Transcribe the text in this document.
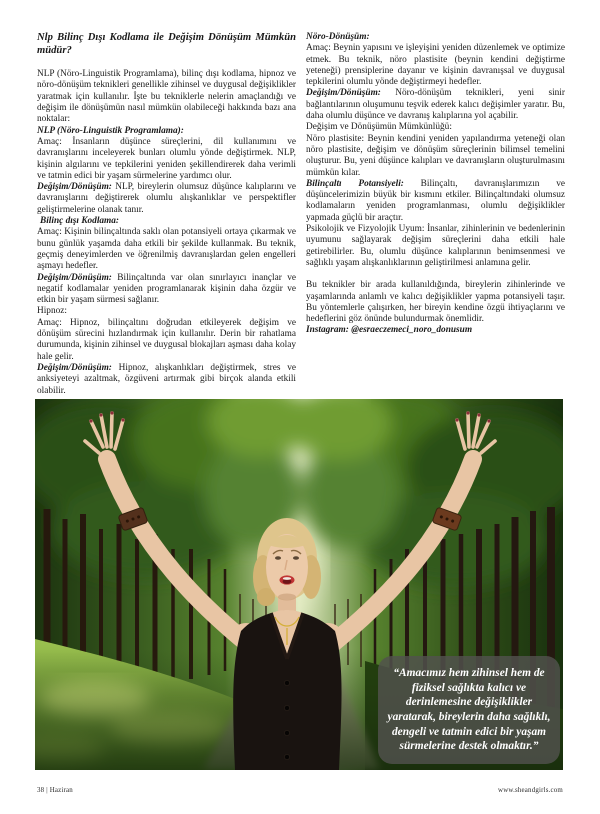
Nlp Bilinç Dışı Kodlama ile Değişim Dönüşüm Mümkün müdür?

NLP (Nöro-Linguistik Programlama), bilinç dışı kodlama, hipnoz ve nöro-dönüşüm teknikleri genellikle zihinsel ve duygusal değişiklikler yaratmak için kullanılır. İşte bu tekniklerle nelerin amaçlandığı ve değişim ile dönüşümün nasıl mümkün olabileceği hakkında bazı ana noktalar:

NLP (Nöro-Linguistik Programlama):

Amaç: İnsanların düşünce süreçlerini, dil kullanımını ve davranışlarını inceleyerek bunları olumlu yönde değiştirmek. NLP, kişinin algılarını ve tepkilerini yeniden şekillendirerek daha verimli ve tatmin edici bir yaşam sürmelerine yardımcı olur.

Değişim/Dönüşüm: NLP, bireylerin olumsuz düşünce kalıplarını ve davranışlarını değiştirerek olumlu alışkanlıklar ve perspektifler geliştirmelerine olanak tanır.

Bilinç dışı Kodlama:

Amaç: Kişinin bilinçaltında saklı olan potansiyeli ortaya çıkarmak ve bunu günlük yaşamda daha etkili bir şekilde kullanmak. Bu teknik, geçmiş deneyimlerden ve öğrenilmiş davranışlardan gelen engelleri aşmayı hedefler.

Değişim/Dönüşüm: Bilinçaltında var olan sınırlayıcı inançlar ve negatif kodlamalar yeniden programlanarak kişinin daha özgür ve etkin bir yaşam sürmesi sağlanır.

Hipnoz:

Amaç: Hipnoz, bilinçaltını doğrudan etkileyerek değişim ve dönüşüm sürecini hızlandırmak için kullanılır. Derin bir rahatlama durumunda, kişinin zihinsel ve duygusal blokajları aşması daha kolay hale gelir.

Değişim/Dönüşüm: Hipnoz, alışkanlıkları değiştirmek, stres ve anksiyeteyi azaltmak, özgüveni artırmak gibi birçok alanda etkili olabilir.

Nöro-Dönüşüm:

Amaç: Beynin yapısını ve işleyişini yeniden düzenlemek ve optimize etmek. Bu teknik, nöro plastisite (beynin kendini değiştirme yeteneği) prensiplerine dayanır ve kişinin davranışsal ve duygusal tepkilerini olumlu yönde değiştirmeyi hedefler.

Değişim/Dönüşüm: Nöro-dönüşüm teknikleri, yeni sinir bağlantılarının oluşumunu teşvik ederek kalıcı değişimler yaratır. Bu, daha olumlu düşünce ve davranış kalıplarına yol açabilir.

Değişim ve Dönüşümün Mümkünlüğü:

Nöro plastisite: Beynin kendini yeniden yapılandırma yeteneği olan nöro plastisite, değişim ve dönüşüm süreçlerinin bilimsel temelini oluşturur. Bu, yeni düşünce kalıpları ve davranışların oluşturulmasını mümkün kılar.

Bilinçaltı Potansiyeli: Bilinçaltı, davranışlarımızın ve düşüncelerimizin büyük bir kısmını etkiler. Bilinçaltındaki olumsuz kodlamaların yeniden programlanması, olumlu değişiklikler yapmada güçlü bir araçtır.

Psikolojik ve Fizyolojik Uyum: İnsanlar, zihinlerinin ve bedenlerinin uyumunu sağlayarak değişim süreçlerini daha etkili hale getirebilirler. Bu, olumlu düşünce kalıplarının benimsenmesi ve sağlıklı yaşam alışkanlıklarının geliştirilmesi anlamına gelir.

Bu teknikler bir arada kullanıldığında, bireylerin zihinlerinde ve yaşamlarında anlamlı ve kalıcı değişiklikler yapma potansiyeli taşır. Bu yöntemlerle çalışırken, her bireyin kendine özgü ihtiyaçlarını ve hedeflerini göz önünde bulundurmak önemlidir.

Instagram: @esraeczemeci_noro_donusum

“Amacımız hem zihinsel hem de fiziksel sağlıkta kalıcı ve derinlemesine değişiklikler yaratarak, bireylerin daha sağlıklı, dengeli ve tatmin edici bir yaşam sürmelerine destek olmaktır.”
38 | Haziran	www.sheandgirls.com
